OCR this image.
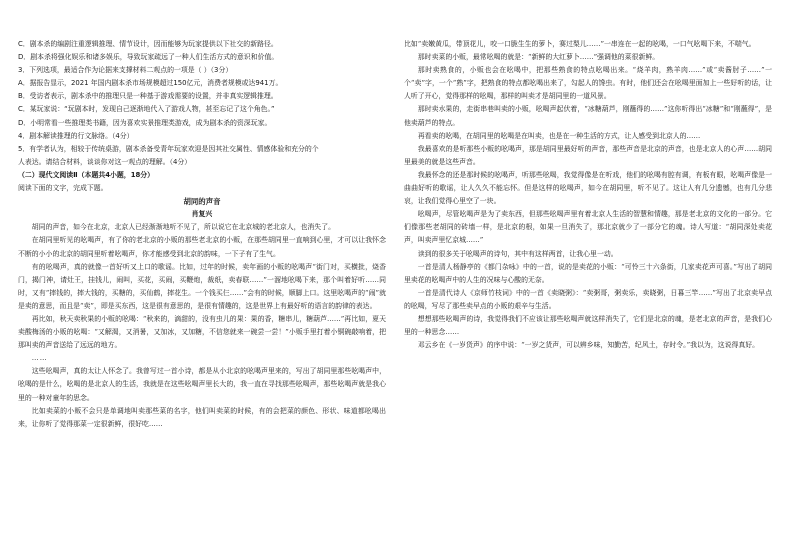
C．剧本杀的编剧注重逻辑推理、情节设计，因而能够为玩家提供以下社交的新路径。

D．剧本杀将强化娱乐和诸多娱乐，导致玩家疏远了一种人们生活方式的意识和价值。

3．下列选项，最适合作为论据来支撑材料二观点的一项是（ ）（3分）

A．据报告显示，2021 年国内剧本杀市场规模超过150亿元，消费者规模或达941万。

B．受访者表示，剧本杀中的推理只是一种基于游戏需要的设置，并非真实逻辑推理。

C．某玩家说：“玩剧本时，发现自己逐渐地代入了游戏人物，甚至忘记了这个角色。”

D．小明常看一些推理类书籍，因为喜欢实景推理类游戏，成为剧本杀的资深玩家。

4．剧本解读推理的行文脉络。（4分）

5．有学者认为，相较于传统桌游，剧本杀备受青年玩家欢迎是因其社交属性、情感体验和充分的个

人表达。请结合材料，谈谈你对这一观点的理解。（4分）

（二）现代文阅读Ⅱ（本题共4小题，18分）

阅读下面的文字，完成下题。

胡同的声音

肖复兴

胡同的声音，如今在北京，北京人已经渐渐地听不见了，所以说它在北京城的老北京人，也消失了。

在胡同里听见的吆喝声，有了你的老北京的小贩的那些老北京的小贩，在那些胡同里一直响到心里，才可以让我怀念不断的小小的北京的胡同里听着吆喝声，你才能感受到北京的韵味，一下子有了生气。

有的吆喝声，真的就像一首好听又上口的歌谣。比如，过年的时候，卖年画的小贩的吆喝声“街门对，买横批，烧香门，揭门神，请灶王，挂钱儿，闹叫，买花，买闹，买鞭炮，裁纸，卖春联……”一溜地吆喝下来，那个叫着好听……同时，又有“摔钱的，摔大钱的，买糖的，买仙鹤，摔花生。一个钱买仨……”会有的时候，顺脚上口。这里吆喝声的“闹”就是卖的意思，而且是“卖”，即是买东西，这是很有意思的，是很有情趣的，这是世界上有最好听的语言的韵律的表达。

再比如，秋天卖秋果的小贩的吆喝：“秋来的，滴甜的，没有虫儿的果：果的香，糖串儿，糖葫芦……”再比如，夏天卖酸梅汤的小贩的吆喝：“又解渴，又消暑，又加冰，又加糖，不信您就来一碗尝一尝！”小贩手里打着小铜碗敲响着，把那叫卖的声音送给了远远的地方。

……

这些吆喝声，真的太让人怀念了。我曾写过一首小诗，都是从小北京的吆喝声里来的，写出了胡同里那些吆喝声中，吆喝的是什么，吆喝的是北京人的生活，我就是在这些吆喝声里长大的，我一直在寻找那些吆喝声，那些吆喝声就是我心里的一种对童年的思念。

比如卖菜的小贩不会只是单调地叫卖那些菜的名字，他们叫卖菜的时候，有的会把菜的颜色、形状、味道都吆喝出来，让你听了觉得那菜一定很新鲜，很好吃……

比如“卖嫩黄瓜，带顶花儿，咬一口脆生生的萝卜，赛过梨儿……”一串连在一起的吆喝，一口气吆喝下来，不喘气。

那时卖菜的小贩，最常吆喝的就是：“新鲜的大红萝卜……”强调他的菜很新鲜。

那时卖熟食的，小贩也会在吆喝中，把那些熟食的特点吆喝出来。“烧羊肉，熟羊肉……”或“卖酱肘子……”一个“卖”字，一个“熟”字，把熟食的特点都吆喝出来了，勾起人的馋虫。有时，他们还会在吆喝里面加上一些好听的话，让人听了开心，觉得那样的吆喝，那样的叫卖才是胡同里的一道风景。

那时卖水果的，走街串巷叫卖的小贩，吆喝声起伏着，“冰糖葫芦，刚蘸得的……”这你听得出“冰糖”和“刚蘸得”，是他卖葫芦的特点。

再看卖的吆喝，在胡同里的吆喝是在叫卖，也是在一种生活的方式，让人感受到北京人的……

我最喜欢的是听那些小贩的吆喝声，那是胡同里最好听的声音，那些声音是北京的声音，也是北京人的心声……胡同里最美的就是这些声音。

我最怀念的还是那时候的吆喝声，听那些吆喝，我觉得像是在听戏，他们的吆喝有腔有调，有板有眼，吆喝声像是一曲曲好听的歌谣，让人久久不能忘怀。但是这样的吆喝声，如今在胡同里，听不见了。这让人有几分遗憾，也有几分悲哀，让我们觉得心里空了一块。

吆喝声，尽管吆喝声是为了卖东西，但那些吆喝声里有着北京人生活的智慧和情趣，那是老北京的文化的一部分。它们像那些老胡同的砖墙一样，是北京的根，如果一旦消失了，那北京就少了一部分它的魂。诗人写道：“胡同深处卖花声，叫卖声里忆京城……”

读到的很多关于吆喝声的诗句，其中有这样两首，让我心里一动。

一首是清人杨静亭的《都门杂咏》中的一首，说的是卖花的小贩：“可怜三十六条街，几家卖花声可喜。”写出了胡同里卖花的吆喝声中的人生的况味与心酸的无奈。

一首是清代诗人《京师竹枝词》中的一首《卖晓粥》：“卖粥哥，粥卖乐，卖晓粥，日暮三竿……”写出了北京卖早点的吆喝，写尽了那些卖早点的小贩的艰辛与生活。

想想那些吆喝声的诗，我觉得我们不应该让那些吆喝声就这样消失了，它们是北京的魂，是老北京的声音，是我们心里的一种思念……

邓云乡在《一岁货声》的序中说：“一岁之货声，可以辨乡味，知勤苦，纪风土，存时令。”我以为，这说得真好。
